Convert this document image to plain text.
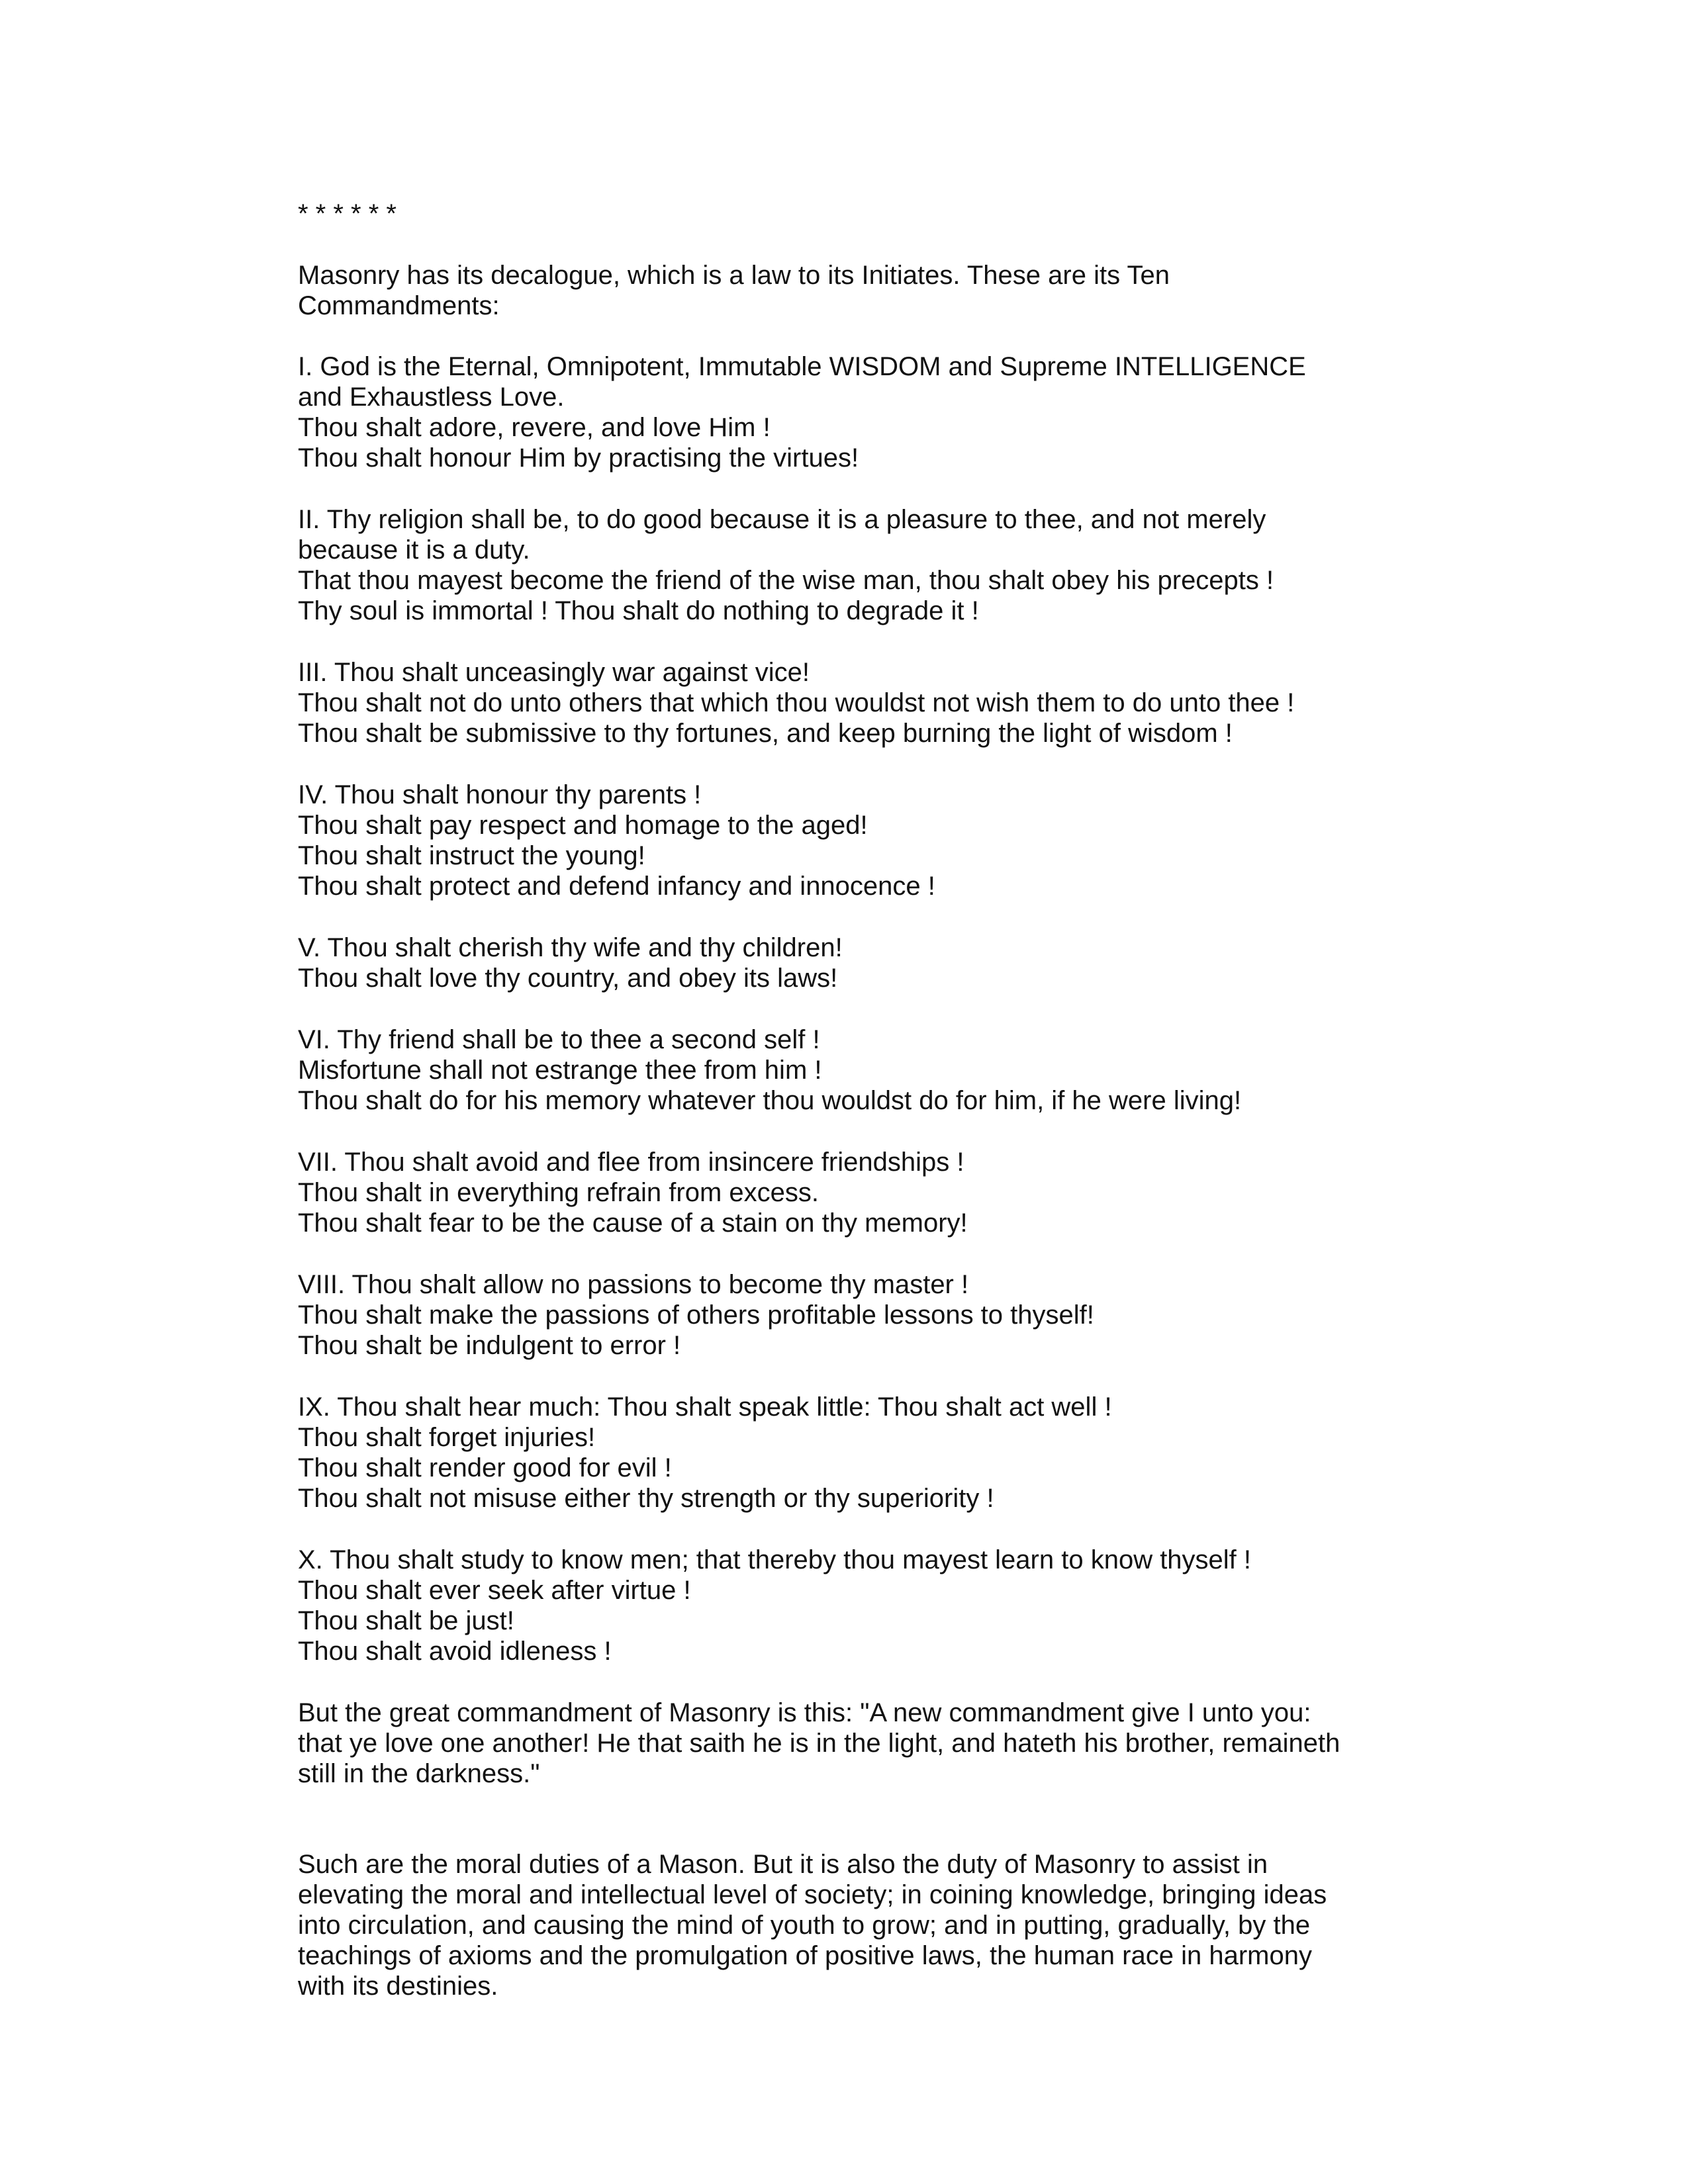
* * * * * *
Masonry has its decalogue, which is a law to its Initiates. These are its Ten
Commandments:
I. God is the Eternal, Omnipotent, Immutable WISDOM and Supreme INTELLIGENCE
and Exhaustless Love.
Thou shalt adore, revere, and love Him !
Thou shalt honour Him by practising the virtues!
II. Thy religion shall be, to do good because it is a pleasure to thee, and not merely
because it is a duty.
That thou mayest become the friend of the wise man, thou shalt obey his precepts !
Thy soul is immortal ! Thou shalt do nothing to degrade it !
III. Thou shalt unceasingly war against vice!
Thou shalt not do unto others that which thou wouldst not wish them to do unto thee !
Thou shalt be submissive to thy fortunes, and keep burning the light of wisdom !
IV. Thou shalt honour thy parents !
Thou shalt pay respect and homage to the aged!
Thou shalt instruct the young!
Thou shalt protect and defend infancy and innocence !
V. Thou shalt cherish thy wife and thy children!
Thou shalt love thy country, and obey its laws!
VI. Thy friend shall be to thee a second self !
Misfortune shall not estrange thee from him !
Thou shalt do for his memory whatever thou wouldst do for him, if he were living!
VII. Thou shalt avoid and flee from insincere friendships !
Thou shalt in everything refrain from excess.
Thou shalt fear to be the cause of a stain on thy memory!
VIII. Thou shalt allow no passions to become thy master !
Thou shalt make the passions of others profitable lessons to thyself!
Thou shalt be indulgent to error !
IX. Thou shalt hear much: Thou shalt speak little: Thou shalt act well !
Thou shalt forget injuries!
Thou shalt render good for evil !
Thou shalt not misuse either thy strength or thy superiority !
X. Thou shalt study to know men; that thereby thou mayest learn to know thyself !
Thou shalt ever seek after virtue !
Thou shalt be just!
Thou shalt avoid idleness !
But the great commandment of Masonry is this: "A new commandment give I unto you:
that ye love one another! He that saith he is in the light, and hateth his brother, remaineth
still in the darkness."
Such are the moral duties of a Mason. But it is also the duty of Masonry to assist in
elevating the moral and intellectual level of society; in coining knowledge, bringing ideas
into circulation, and causing the mind of youth to grow; and in putting, gradually, by the
teachings of axioms and the promulgation of positive laws, the human race in harmony
with its destinies.
